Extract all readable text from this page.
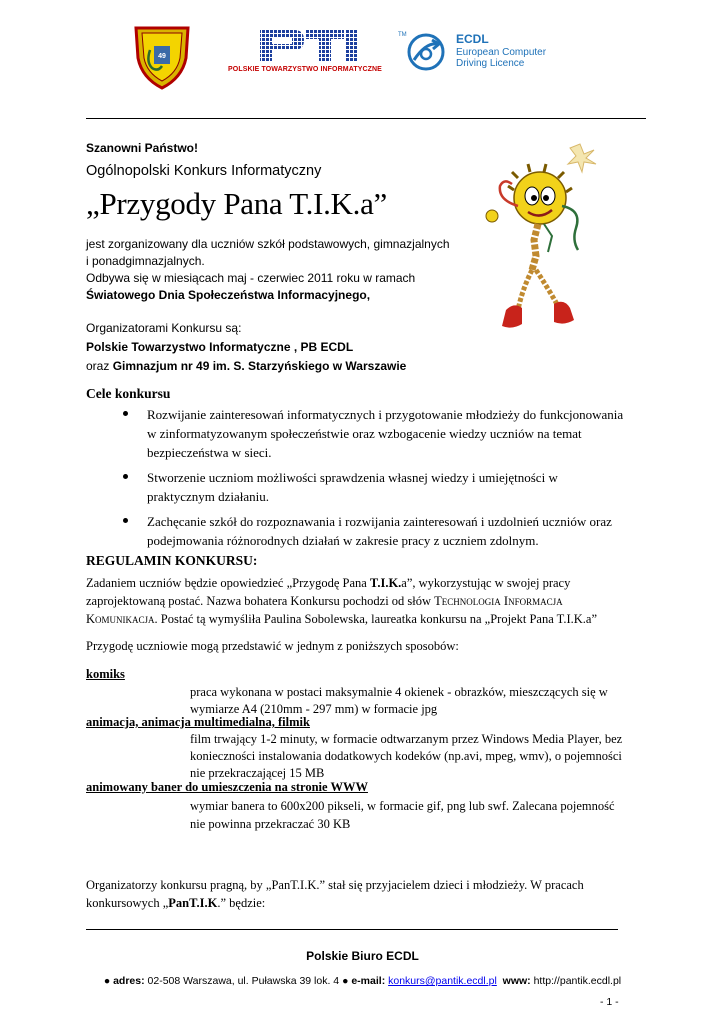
49
POLSKIE TOWARZYSTWO INFORMATYCZNE
TM	ECDL
European Computer
Driving Licence
Szanowni Państwo!
Ogólnopolski Konkurs Informatyczny
„Przygody Pana T.I.K.a”
jest zorganizowany dla uczniów szkół podstawowych, gimnazjalnych
i ponadgimnazjalnych.
Odbywa się w miesiącach maj - czerwiec 2011 roku w ramach
Światowego Dnia Społeczeństwa Informacyjnego,
Organizatorami Konkursu są:
Polskie Towarzystwo Informatyczne , PB ECDL
oraz Gimnazjum nr 49 im. S. Starzyńskiego w Warszawie
Cele konkursu
Rozwijanie zainteresowań informatycznych i przygotowanie młodzieży do funkcjonowania
w zinformatyzowanym społeczeństwie oraz wzbogacenie wiedzy uczniów na temat
bezpieczeństwa w sieci.
Stworzenie uczniom możliwości sprawdzenia własnej wiedzy i umiejętności w
praktycznym działaniu.
Zachęcanie szkół do rozpoznawania i rozwijania zainteresowań i uzdolnień uczniów oraz
podejmowania różnorodnych działań w zakresie pracy z uczniem zdolnym.
REGULAMIN KONKURSU:
Zadaniem uczniów będzie opowiedzieć „Przygodę Pana T.I.K.a”, wykorzystując w swojej pracy
zaprojektowaną postać. Nazwa bohatera Konkursu pochodzi od słów Technologia Informacja
Komunikacja. Postać tą wymyśliła Paulina Sobolewska, laureatka konkursu na „Projekt Pana T.I.K.a”
Przygodę uczniowie mogą przedstawić w jednym z poniższych sposobów:
komiks
praca wykonana w postaci maksymalnie 4 okienek - obrazków, mieszczących się w
wymiarze A4 (210mm - 297 mm) w formacie jpg
animacja, animacja multimedialna, filmik
film trwający 1-2 minuty, w formacie odtwarzanym przez Windows Media Player, bez
konieczności instalowania dodatkowych kodeków (np.avi, mpeg, wmv), o pojemności
nie przekraczającej 15 MB
animowany baner do umieszczenia na stronie WWW
wymiar banera to 600x200 pikseli, w formacie gif, png lub swf. Zalecana pojemność
nie powinna przekraczać 30 KB
Organizatorzy konkursu pragną, by „PanT.I.K.” stał się przyjacielem dzieci i młodzieży. W pracach
konkursowych „PanT.I.K.” będzie:
Polskie Biuro ECDL
● adres: 02-508 Warszawa, ul. Puławska 39 lok. 4 ● e-mail: konkurs@pantik.ecdl.pl www: http://pantik.ecdl.pl
- 1 -
